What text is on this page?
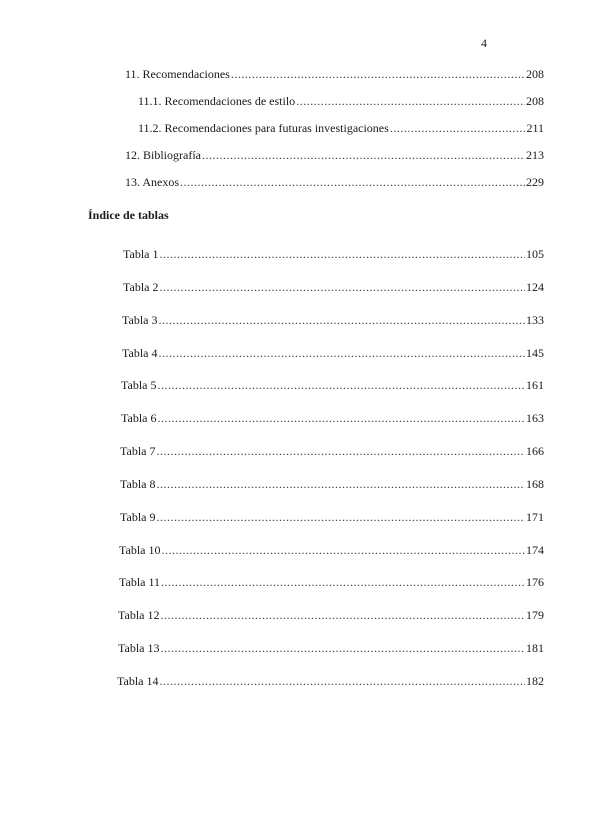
4
11. Recomendaciones .....	208
11.1. Recomendaciones de estilo .....	208
11.2. Recomendaciones para futuras investigaciones .....	211
12. Bibliografía .....	213
13. Anexos .....	229
Índice de tablas
Tabla 1 .....	105
Tabla 2 .....	124
Tabla 3 .....	133
Tabla 4 .....	145
Tabla 5 .....	161
Tabla 6 .....	163
Tabla 7 .....	166
Tabla 8 .....	168
Tabla 9 .....	171
Tabla 10 .....	174
Tabla 11 .....	176
Tabla 12 .....	179
Tabla 13 .....	181
Tabla 14 .....	182
